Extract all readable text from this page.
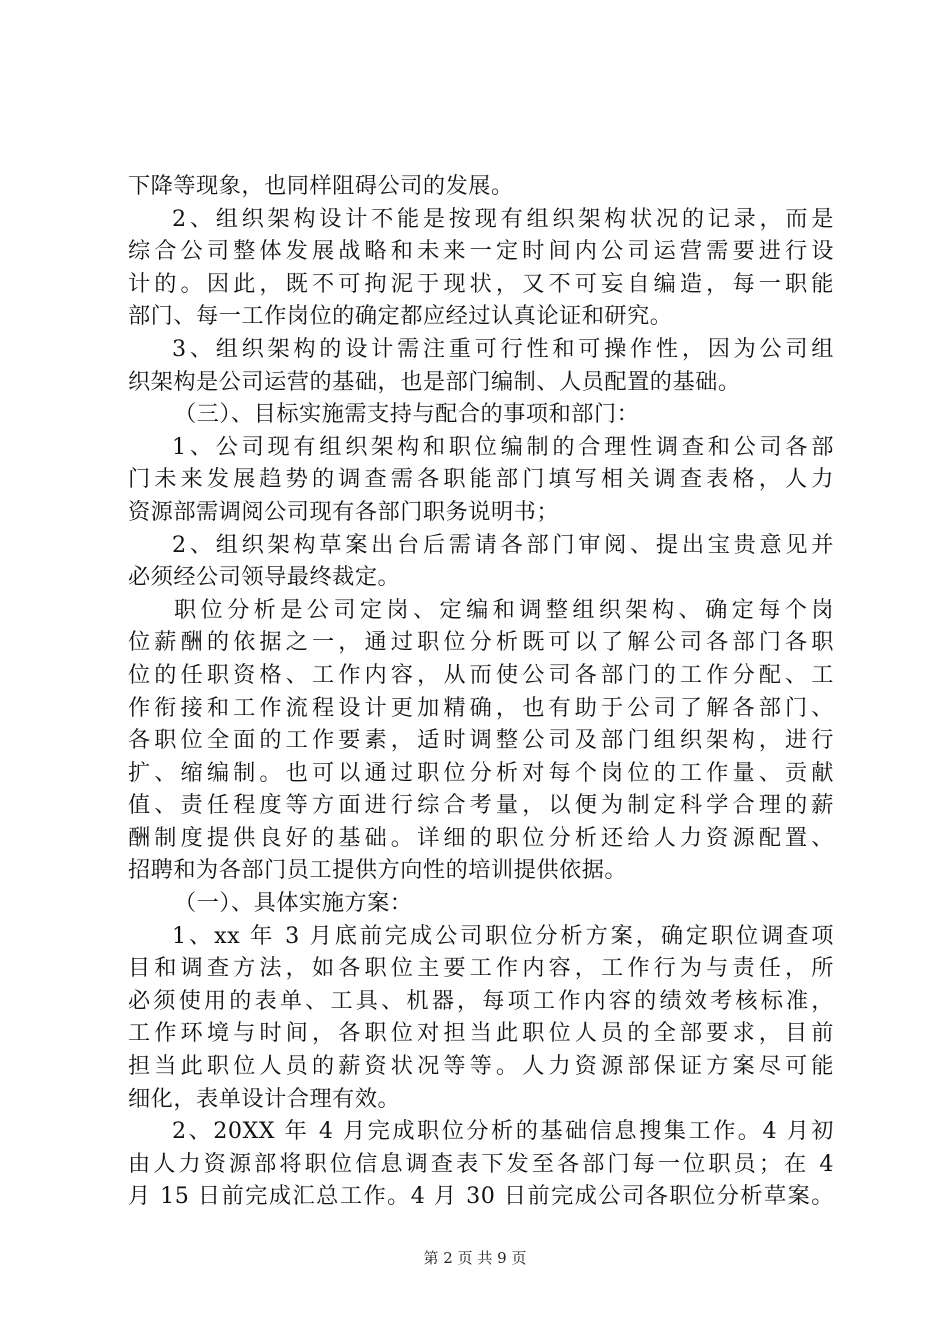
下降等现象，也同样阻碍公司的发展。
2、组织架构设计不能是按现有组织架构状况的记录，而是
综合公司整体发展战略和未来一定时间内公司运营需要进行设
计的。因此，既不可拘泥于现状，又不可妄自编造，每一职能
部门、每一工作岗位的确定都应经过认真论证和研究。
3、组织架构的设计需注重可行性和可操作性，因为公司组
织架构是公司运营的基础，也是部门编制、人员配置的基础。
（三）、目标实施需支持与配合的事项和部门：
1、公司现有组织架构和职位编制的合理性调查和公司各部
门未来发展趋势的调查需各职能部门填写相关调查表格，人力
资源部需调阅公司现有各部门职务说明书；
2、组织架构草案出台后需请各部门审阅、提出宝贵意见并
必须经公司领导最终裁定。
职位分析是公司定岗、定编和调整组织架构、确定每个岗
位薪酬的依据之一，通过职位分析既可以了解公司各部门各职
位的任职资格、工作内容，从而使公司各部门的工作分配、工
作衔接和工作流程设计更加精确，也有助于公司了解各部门、
各职位全面的工作要素，适时调整公司及部门组织架构，进行
扩、缩编制。也可以通过职位分析对每个岗位的工作量、贡献
值、责任程度等方面进行综合考量，以便为制定科学合理的薪
酬制度提供良好的基础。详细的职位分析还给人力资源配置、
招聘和为各部门员工提供方向性的培训提供依据。
（一）、具体实施方案：
1、xx 年 3 月底前完成公司职位分析方案，确定职位调查项
目和调查方法，如各职位主要工作内容，工作行为与责任，所
必须使用的表单、工具、机器，每项工作内容的绩效考核标准，
工作环境与时间，各职位对担当此职位人员的全部要求，目前
担当此职位人员的薪资状况等等。人力资源部保证方案尽可能
细化，表单设计合理有效。
2、20XX 年 4 月完成职位分析的基础信息搜集工作。4 月初
由人力资源部将职位信息调查表下发至各部门每一位职员；在 4
月 15 日前完成汇总工作。4 月 30 日前完成公司各职位分析草案。
第 2 页 共 9 页
